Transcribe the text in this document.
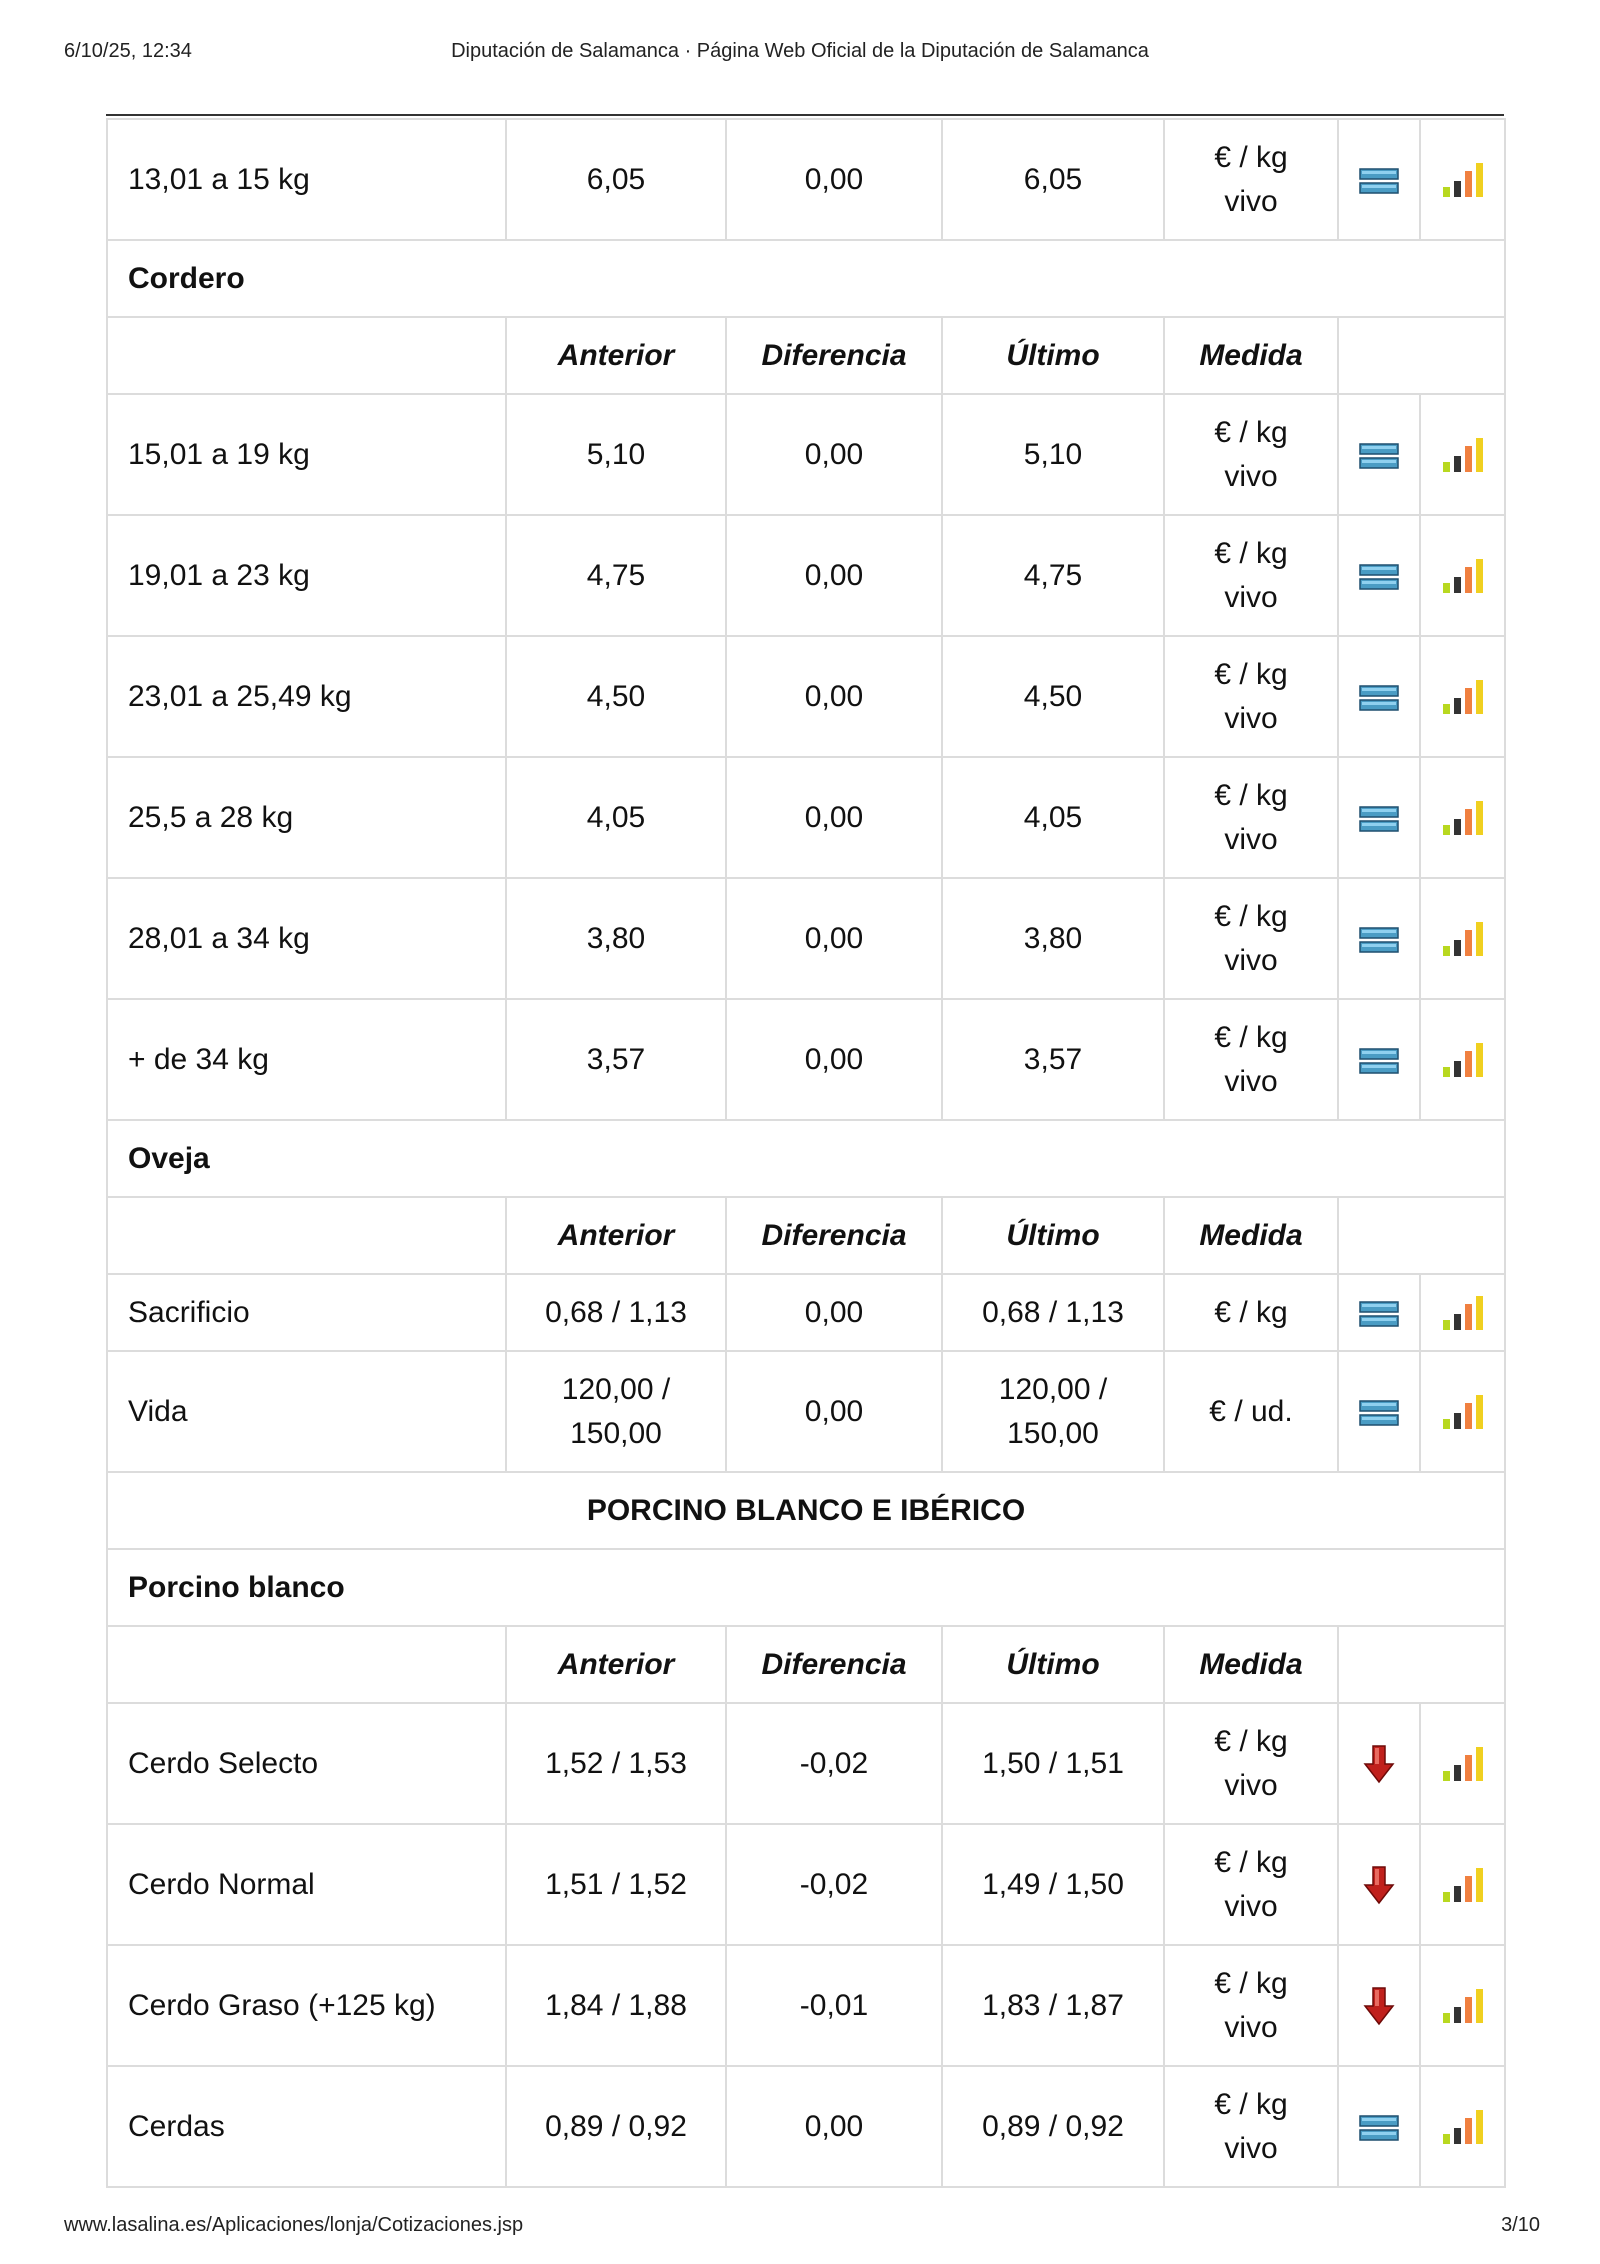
6/10/25, 12:34	Diputación de Salamanca · Página Web Oficial de la Diputación de Salamanca
13,01 a 15 kg	6,05	0,00	6,05	€ / kg
vivo		
Cordero						
	Anterior	Diferencia	Último	Medida		
15,01 a 19 kg	5,10	0,00	5,10	€ / kg
vivo		
19,01 a 23 kg	4,75	0,00	4,75	€ / kg
vivo		
23,01 a 25,49 kg	4,50	0,00	4,50	€ / kg
vivo		
25,5 a 28 kg	4,05	0,00	4,05	€ / kg
vivo		
28,01 a 34 kg	3,80	0,00	3,80	€ / kg
vivo		
+ de 34 kg	3,57	0,00	3,57	€ / kg
vivo		
Oveja						
	Anterior	Diferencia	Último	Medida		
Sacrificio	0,68 / 1,13	0,00	0,68 / 1,13	€ / kg		
Vida	120,00 /
150,00	0,00	120,00 /
150,00	€ / ud.		
PORCINO BLANCO E IBÉRICO						
Porcino blanco						
	Anterior	Diferencia	Último	Medida		
Cerdo Selecto	1,52 / 1,53	-0,02	1,50 / 1,51	€ / kg
vivo		
Cerdo Normal	1,51 / 1,52	-0,02	1,49 / 1,50	€ / kg
vivo		
Cerdo Graso (+125 kg)	1,84 / 1,88	-0,01	1,83 / 1,87	€ / kg
vivo		
Cerdas	0,89 / 0,92	0,00	0,89 / 0,92	€ / kg
vivo		
www.lasalina.es/Aplicaciones/lonja/Cotizaciones.jsp	3/10
